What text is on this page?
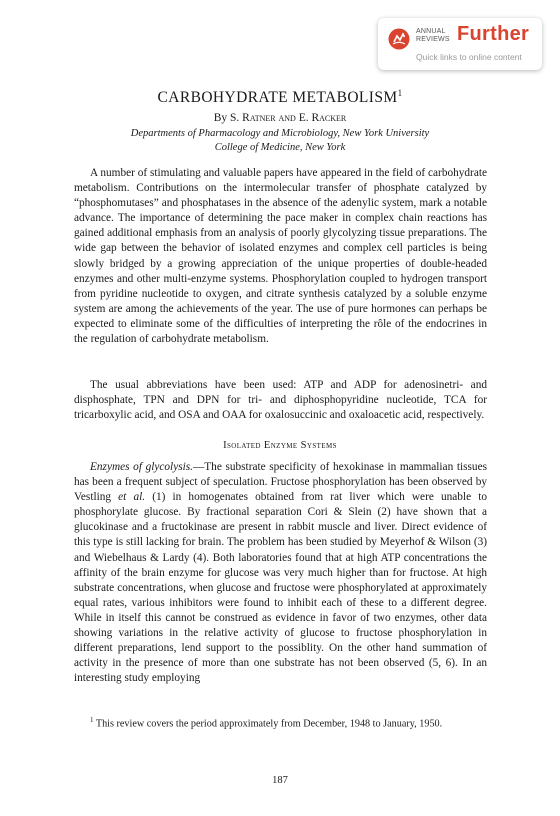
ANNUAL
REVIEWS Further
Quick links to online content
CARBOHYDRATE METABOLISM$^1$
By S. Ratner and E. Racker
Departments of Pharmacology and Microbiology, New York University
College of Medicine, New York

A number of stimulating and valuable papers have appeared in the field of carbohydrate metabolism. Contributions on the intermolecular transfer of phosphate catalyzed by “phosphomutases” and phosphatases in the absence of the adenylic system, mark a notable advance. The importance of determining the pace maker in complex chain reactions has gained additional emphasis from an analysis of poorly glycolyzing tissue preparations. The wide gap between the behavior of isolated enzymes and complex cell particles is being slowly bridged by a growing appreciation of the unique properties of double-headed enzymes and other multi-enzyme systems. Phosphorylation coupled to hydrogen transport from pyridine nucleotide to oxygen, and citrate synthesis catalyzed by a soluble enzyme system are among the achievements of the year. The use of pure hormones can perhaps be expected to eliminate some of the difficulties of interpreting the rôle of the endocrines in the regulation of carbohydrate metabolism.

The usual abbreviations have been used: ATP and ADP for adenosinetri- and disphosphate, TPN and DPN for tri- and diphosphopyridine nucleotide, TCA for tricarboxylic acid, and OSA and OAA for oxalosuccinic and oxaloacetic acid, respectively.

Isolated Enzyme Systems

Enzymes of glycolysis.—The substrate specificity of hexokinase in mammalian tissues has been a frequent subject of speculation. Fructose phosphorylation has been observed by Vestling et al. (1) in homogenates obtained from rat liver which were unable to phosphorylate glucose. By fractional separation Cori & Slein (2) have shown that a glucokinase and a fructokinase are present in rabbit muscle and liver. Direct evidence of this type is still lacking for brain. The problem has been studied by Meyerhof & Wilson (3) and Wiebelhaus & Lardy (4). Both laboratories found that at high ATP concentrations the affinity of the brain enzyme for glucose was very much higher than for fructose. At high substrate concentrations, when glucose and fructose were phosphorylated at approximately equal rates, various inhibitors were found to inhibit each of these to a different degree. While in itself this cannot be construed as evidence in favor of two enzymes, other data showing variations in the relative activity of glucose to fructose phosphorylation in different preparations, lend support to the possiblity. On the other hand summation of activity in the presence of more than one substrate has not been observed (5, 6). In an interesting study employing

$^1$ This review covers the period approximately from December, 1948 to January, 1950.
187
